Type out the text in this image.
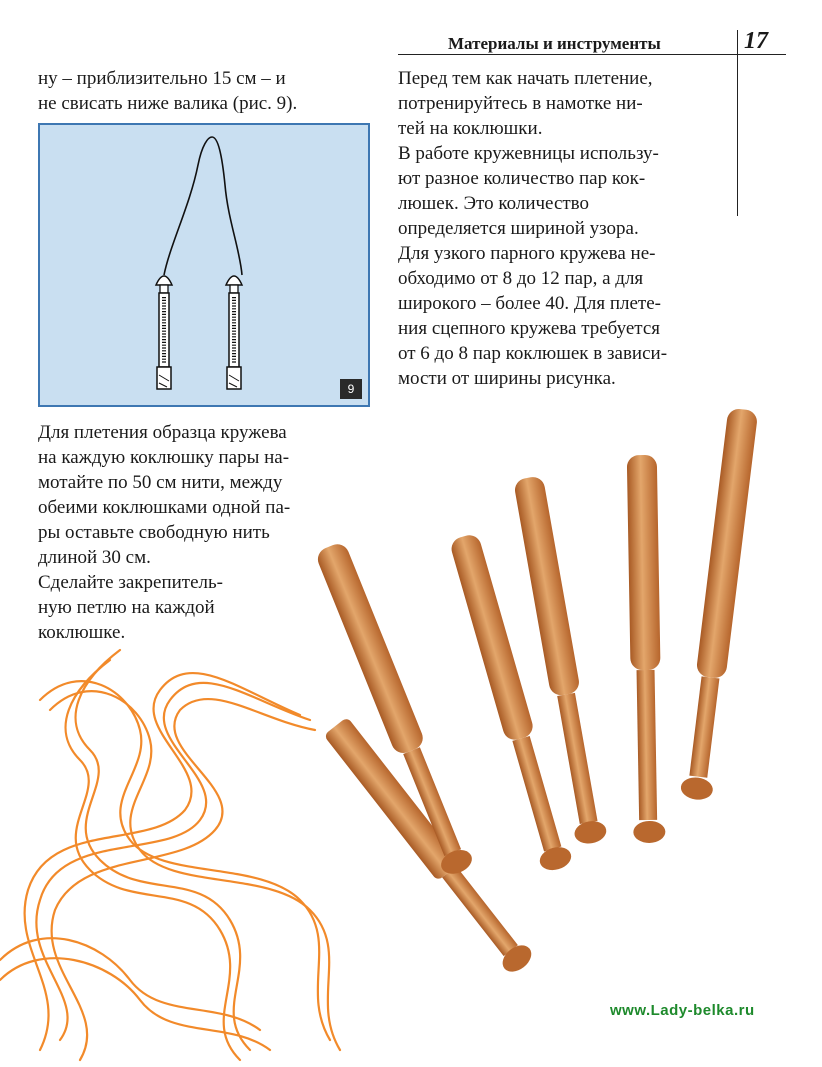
Материалы и инструменты	17
ну – приблизительно 15 см – и
не свисать ниже валика (рис. 9).
9

Перед тем как начать плетение,
потренируйтесь в намотке ни-
тей на коклюшки.

В работе кружевницы использу-
ют разное количество пар кок-
люшек. Это количество
определяется шириной узора.
Для узкого парного кружева не-
обходимо от 8 до 12 пар, а для
широкого – более 40. Для плете-
ния сцепного кружева требуется
от 6 до 8 пар коклюшек в зависи-
мости от ширины рисунка.

Для плетения образца кружева
на каждую коклюшку пары на-
мотайте по 50 см нити, между
обеими коклюшками одной па-
ры оставьте свободную нить
длиной 30 см.

Сделайте закрепитель-
ную петлю на каждой
коклюшке.

www.Lady-belka.ru
